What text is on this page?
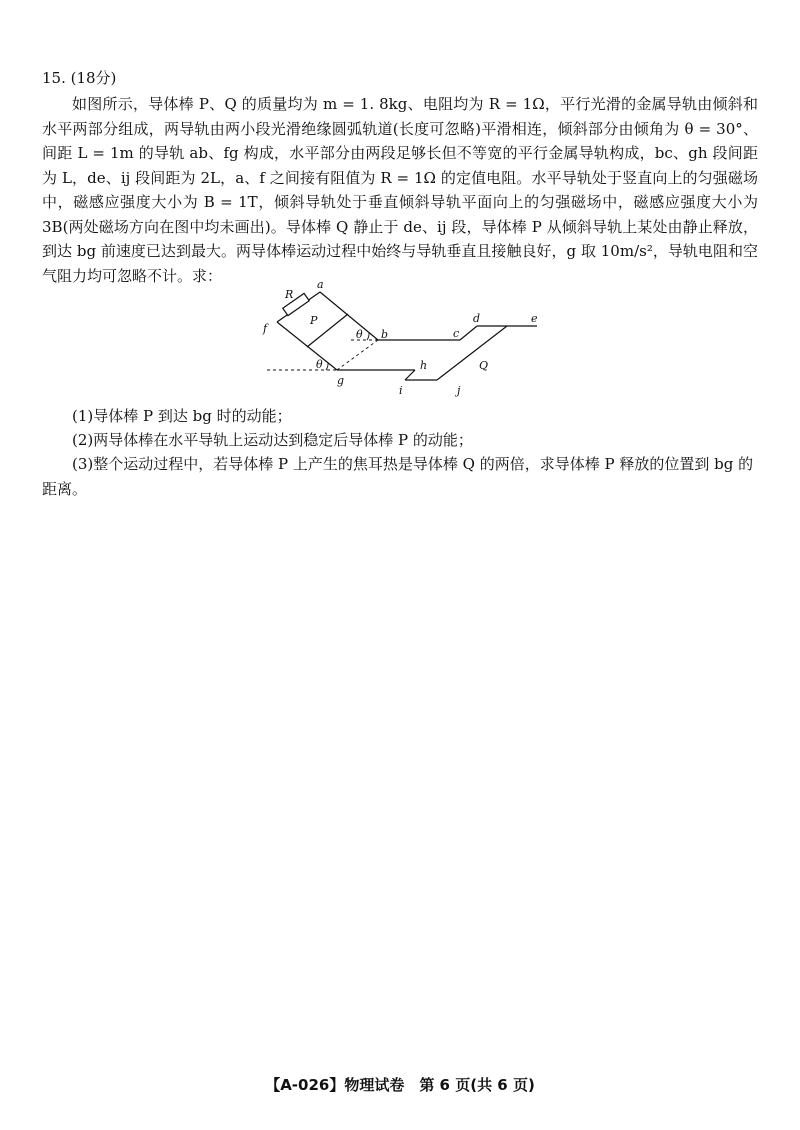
15. (18分)

如图所示，导体棒 P、Q 的质量均为 m = 1. 8kg、电阻均为 R = 1Ω，平行光滑的金属导轨由倾斜和水平两部分组成，两导轨由两小段光滑绝缘圆弧轨道(长度可忽略)平滑相连，倾斜部分由倾角为 θ = 30°、间距 L = 1m 的导轨 ab、fg 构成，水平部分由两段足够长但不等宽的平行金属导轨构成，bc、gh 段间距为 L，de、ij 段间距为 2L，a、f 之间接有阻值为 R = 1Ω 的定值电阻。水平导轨处于竖直向上的匀强磁场中，磁感应强度大小为 B = 1T，倾斜导轨处于垂直倾斜导轨平面向上的匀强磁场中，磁感应强度大小为 3B(两处磁场方向在图中均未画出)。导体棒 Q 静止于 de、ij 段，导体棒 P 从倾斜导轨上某处由静止释放，到达 bg 前速度已达到最大。两导体棒运动过程中始终与导轨垂直且接触良好，g 取 10m/s²，导轨电阻和空气阻力均可忽略不计。求：	a
b	c
d	e
f
g
h
i	j
R
P
Q
θ
θ

(1)导体棒 P 到达 bg 时的动能；

(2)两导体棒在水平导轨上运动达到稳定后导体棒 P 的动能；

(3)整个运动过程中，若导体棒 P 上产生的焦耳热是导体棒 Q 的两倍，求导体棒 P 释放的位置到 bg 的距离。

【A-026】物理试卷　第 6 页(共 6 页)
